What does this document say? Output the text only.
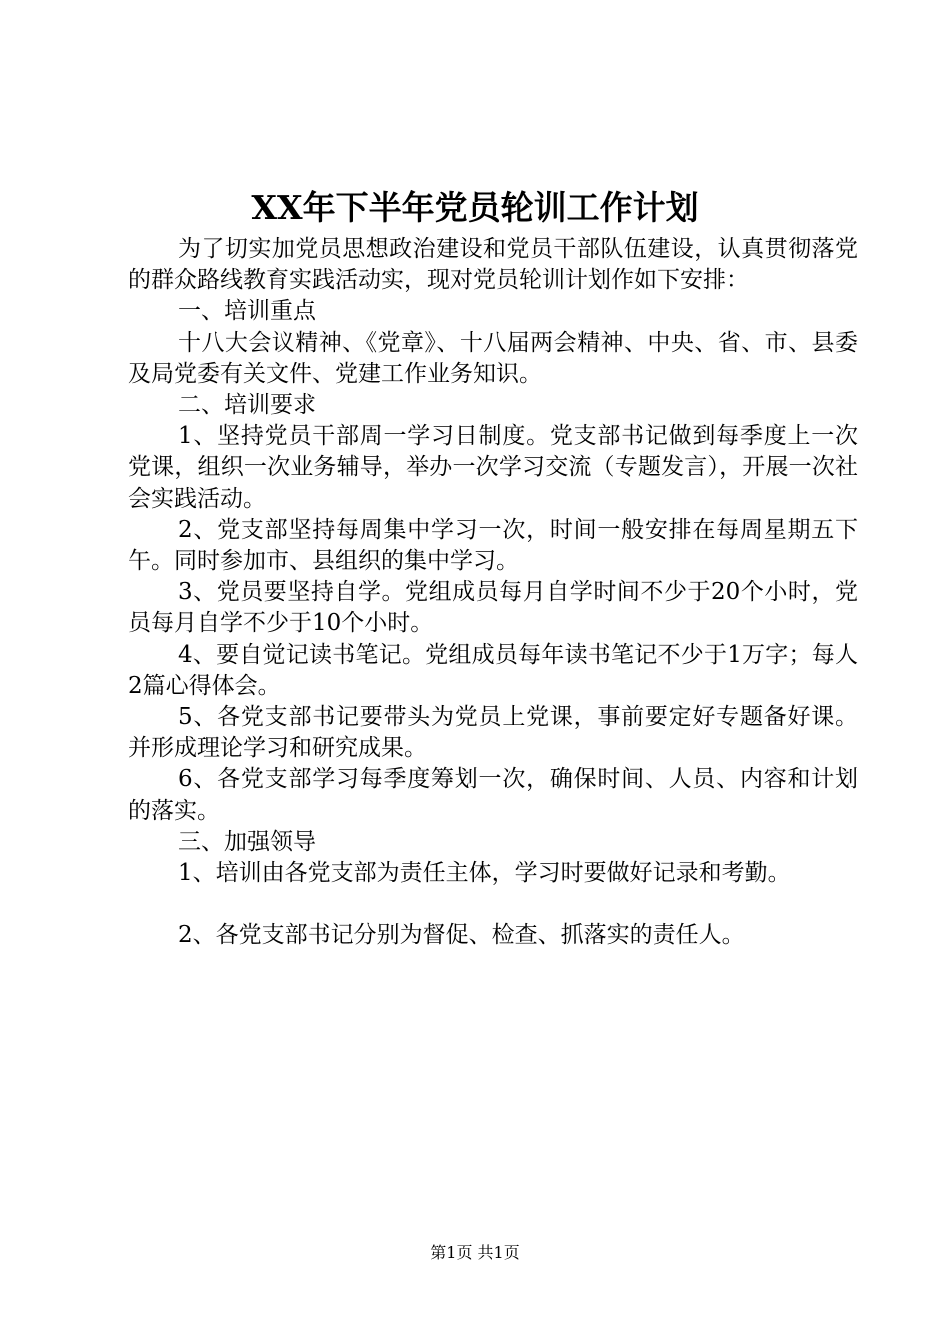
XX年下半年党员轮训工作计划

为了切实加党员思想政治建设和党员干部队伍建设，认真贯彻落党的群众路线教育实践活动实，现对党员轮训计划作如下安排：

一、培训重点

十八大会议精神、《党章》、十八届两会精神、中央、省、市、县委及局党委有关文件、党建工作业务知识。

二、培训要求

1、坚持党员干部周一学习日制度。党支部书记做到每季度上一次党课，组织一次业务辅导，举办一次学习交流（专题发言），开展一次社会实践活动。

2、党支部坚持每周集中学习一次，时间一般安排在每周星期五下午。同时参加市、县组织的集中学习。

3、党员要坚持自学。党组成员每月自学时间不少于20个小时，党员每月自学不少于10个小时。

4、要自觉记读书笔记。党组成员每年读书笔记不少于1万字；每人2篇心得体会。

5、各党支部书记要带头为党员上党课，事前要定好专题备好课。并形成理论学习和研究成果。

6、各党支部学习每季度筹划一次，确保时间、人员、内容和计划的落实。

三、加强领导

1、培训由各党支部为责任主体，学习时要做好记录和考勤。

2、各党支部书记分别为督促、检查、抓落实的责任人。

第1页 共1页
